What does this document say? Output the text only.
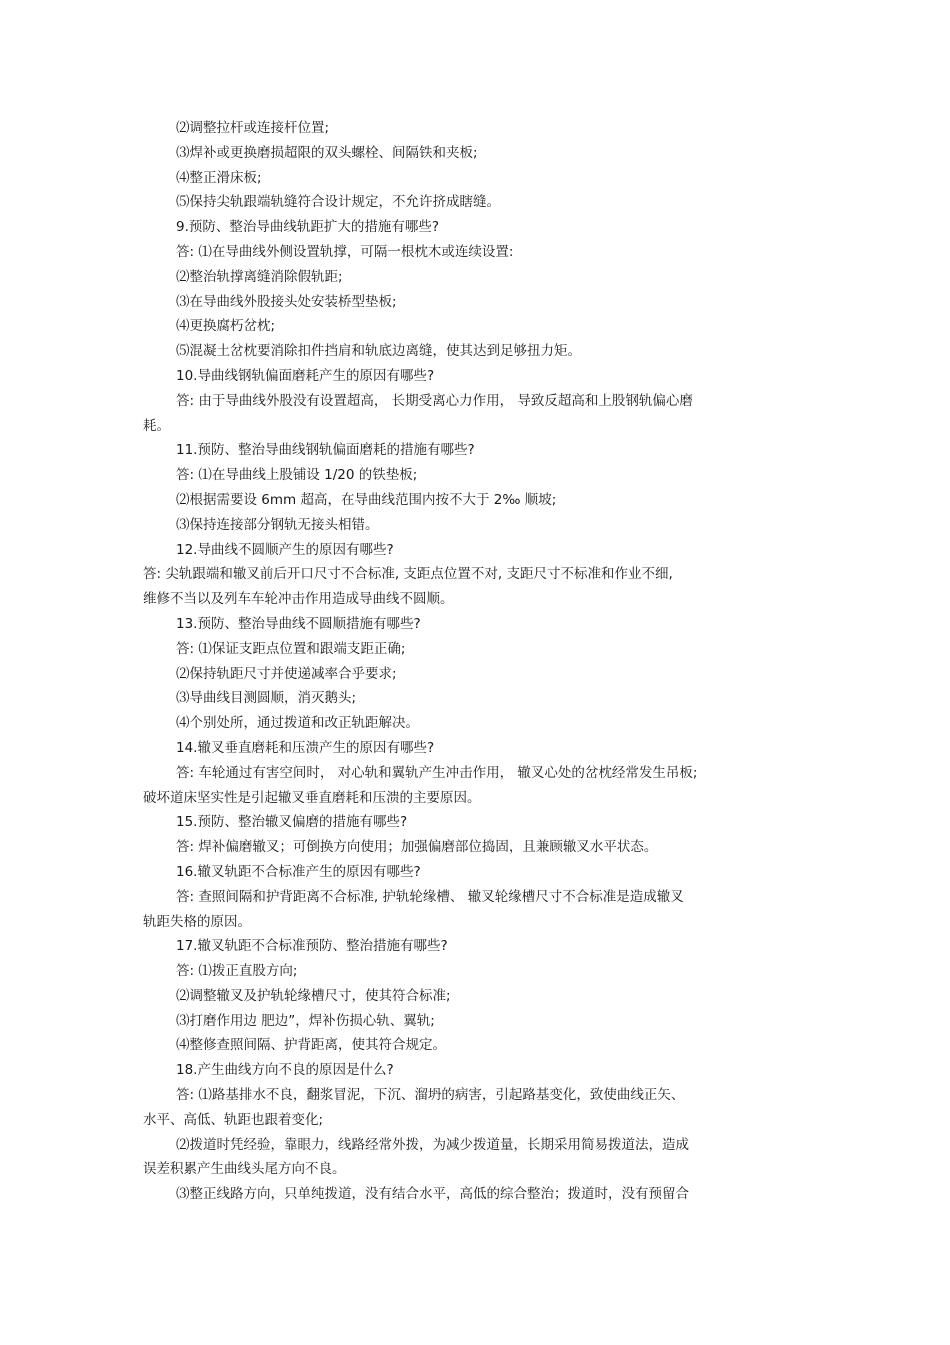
⑵调整拉杆或连接杆位置;
⑶焊补或更换磨损超限的双头螺栓、间隔铁和夹板;
⑷整正滑床板;
⑸保持尖轨跟端轨缝符合设计规定，不允许挤成瞎缝。
9.预防、整治导曲线轨距扩大的措施有哪些?
答: ⑴在导曲线外侧设置轨撑，可隔一根枕木或连续设置:
⑵整治轨撑离缝消除假轨距;
⑶在导曲线外股接头处安装桥型垫板;
⑷更换腐朽岔枕;
⑸混凝土岔枕要消除扣件挡肩和轨底边离缝，使其达到足够扭力矩。
10.导曲线钢轨偏面磨耗产生的原因有哪些?
答: 由于导曲线外股没有设置超高， 长期受离心力作用， 导致反超高和上股钢轨偏心磨
耗。
11.预防、整治导曲线钢轨偏面磨耗的措施有哪些?
答: ⑴在导曲线上股铺设 1/20 的铁垫板;
⑵根据需要设 6mm 超高，在导曲线范围内按不大于 2‰ 顺坡;
⑶保持连接部分钢轨无接头相错。
12.导曲线不圆顺产生的原因有哪些?
答: 尖轨跟端和辙叉前后开口尺寸不合标准, 支距点位置不对, 支距尺寸不标准和作业不细,
维修不当以及列车车轮冲击作用造成导曲线不圆顺。
13.预防、整治导曲线不圆顺措施有哪些?
答: ⑴保证支距点位置和跟端支距正确;
⑵保持轨距尺寸并使递减率合乎要求;
⑶导曲线目测圆顺，消灭鹅头;
⑷个别处所，通过拨道和改正轨距解决。
14.辙叉垂直磨耗和压溃产生的原因有哪些?
答: 车轮通过有害空间时， 对心轨和翼轨产生冲击作用， 辙叉心处的岔枕经常发生吊板;
破坏道床坚实性是引起辙叉垂直磨耗和压溃的主要原因。
15.预防、整治辙叉偏磨的措施有哪些?
答: 焊补偏磨辙叉；可倒换方向使用；加强偏磨部位捣固，且兼顾辙叉水平状态。
16.辙叉轨距不合标准产生的原因有哪些?
答: 查照间隔和护背距离不合标准, 护轨轮缘槽、 辙叉轮缘槽尺寸不合标准是造成辙叉
轨距失格的原因。
17.辙叉轨距不合标准预防、整治措施有哪些?
答: ⑴拨正直股方向;
⑵调整辙叉及护轨轮缘槽尺寸，使其符合标准;
⑶打磨作用边 肥边”，焊补伤损心轨、翼轨;
⑷整修查照间隔、护背距离，使其符合规定。
18.产生曲线方向不良的原因是什么?
答: ⑴路基排水不良，翻浆冒泥，下沉、溜坍的病害，引起路基变化，致使曲线正矢、
水平、高低、轨距也跟着变化;
⑵拨道时凭经验，靠眼力，线路经常外拨，为减少拨道量，长期采用简易拨道法，造成
误差积累产生曲线头尾方向不良。
⑶整正线路方向，只单纯拨道，没有结合水平，高低的综合整治；拨道时，没有预留合
